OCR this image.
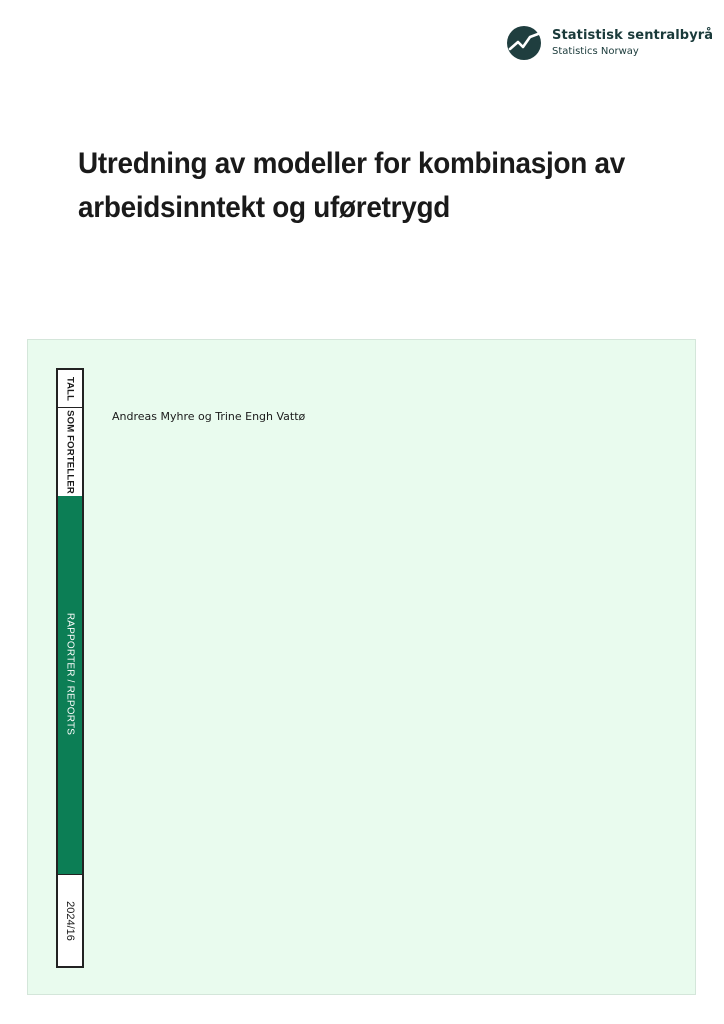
Statistisk sentralbyrå
Statistics Norway
Utredning av modeller for kombinasjon av
arbeidsinntekt og uføretrygd
TALL
SOM FORTELLER
RAPPORTER / REPORTS
2024/16
Andreas Myhre og Trine Engh Vattø
